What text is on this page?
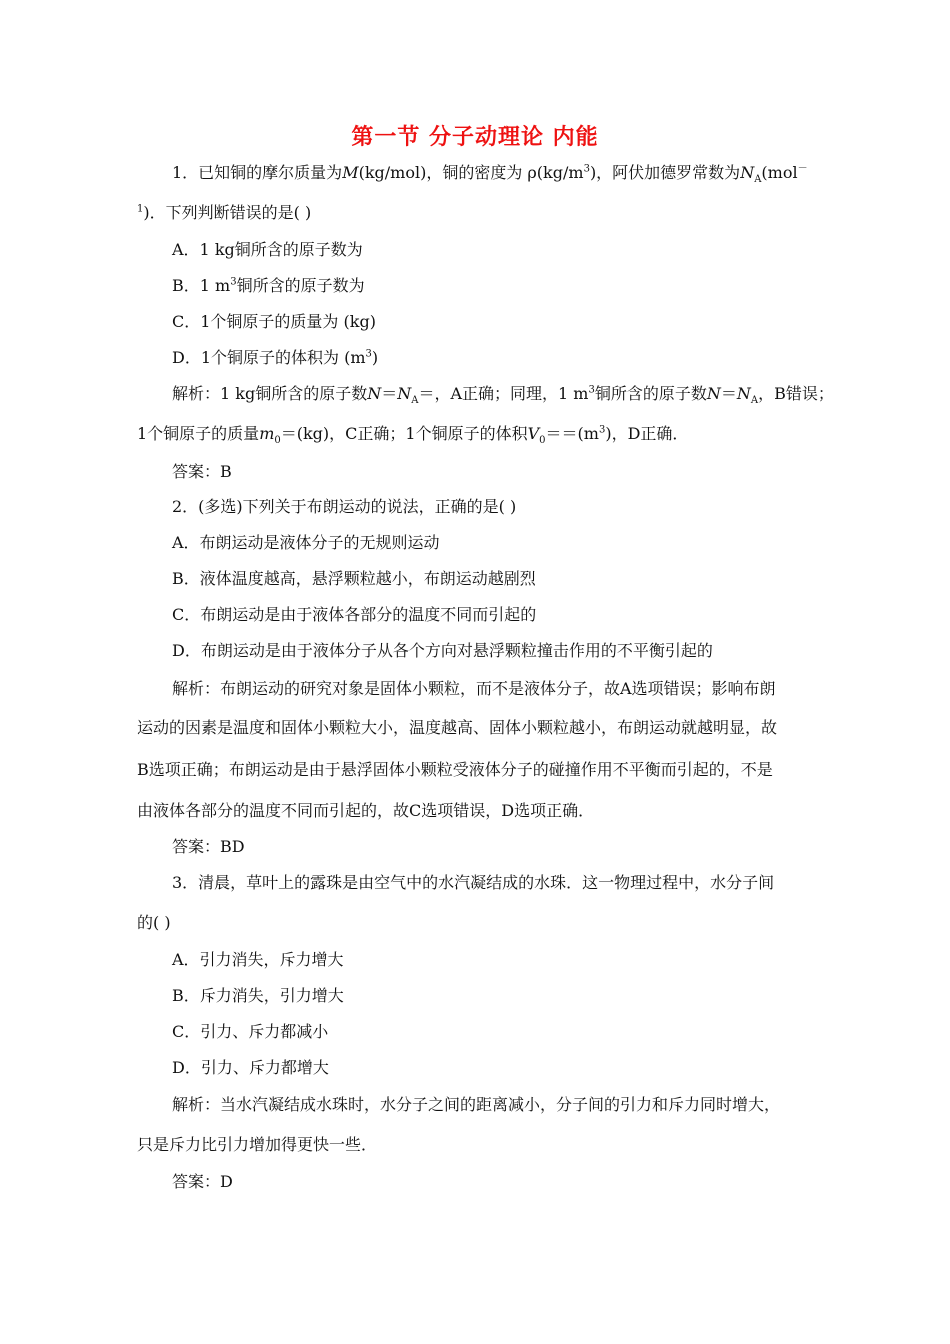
第一节 分子动理论 内能
1．已知铜的摩尔质量为M(kg/mol)，铜的密度为 $\rho(kg/m^3)$，阿伏加德罗常数为$N_A(mol^-$
$^1$)．下列判断错误的是( )
A．1 kg铜所含的原子数为
B．1 $m^3$铜所含的原子数为
C．1个铜原子的质量为 (kg)
D．1个铜原子的体积为 $(m^3)$
解析：1 kg铜所含的原子数$N=N_A=$，A正确；同理，1 $m^3$铜所含的原子数$N=N_A$，B错误；
1个铜原子的质量$m_0=(kg)$，C正确；1个铜原子的体积$V_0==(m^3)$，D正确．
答案：B
2．(多选)下列关于布朗运动的说法，正确的是( )
A．布朗运动是液体分子的无规则运动
B．液体温度越高，悬浮颗粒越小，布朗运动越剧烈
C．布朗运动是由于液体各部分的温度不同而引起的
D．布朗运动是由于液体分子从各个方向对悬浮颗粒撞击作用的不平衡引起的
解析：布朗运动的研究对象是固体小颗粒，而不是液体分子，故A选项错误；影响布朗
运动的因素是温度和固体小颗粒大小，温度越高、固体小颗粒越小，布朗运动就越明显，故
B选项正确；布朗运动是由于悬浮固体小颗粒受液体分子的碰撞作用不平衡而引起的，不是
由液体各部分的温度不同而引起的，故C选项错误，D选项正确．
答案：BD
3．清晨，草叶上的露珠是由空气中的水汽凝结成的水珠．这一物理过程中，水分子间
的( )
A．引力消失，斥力增大
B．斥力消失，引力增大
C．引力、斥力都减小
D．引力、斥力都增大
解析：当水汽凝结成水珠时，水分子之间的距离减小，分子间的引力和斥力同时增大，
只是斥力比引力增加得更快一些．
答案：D
